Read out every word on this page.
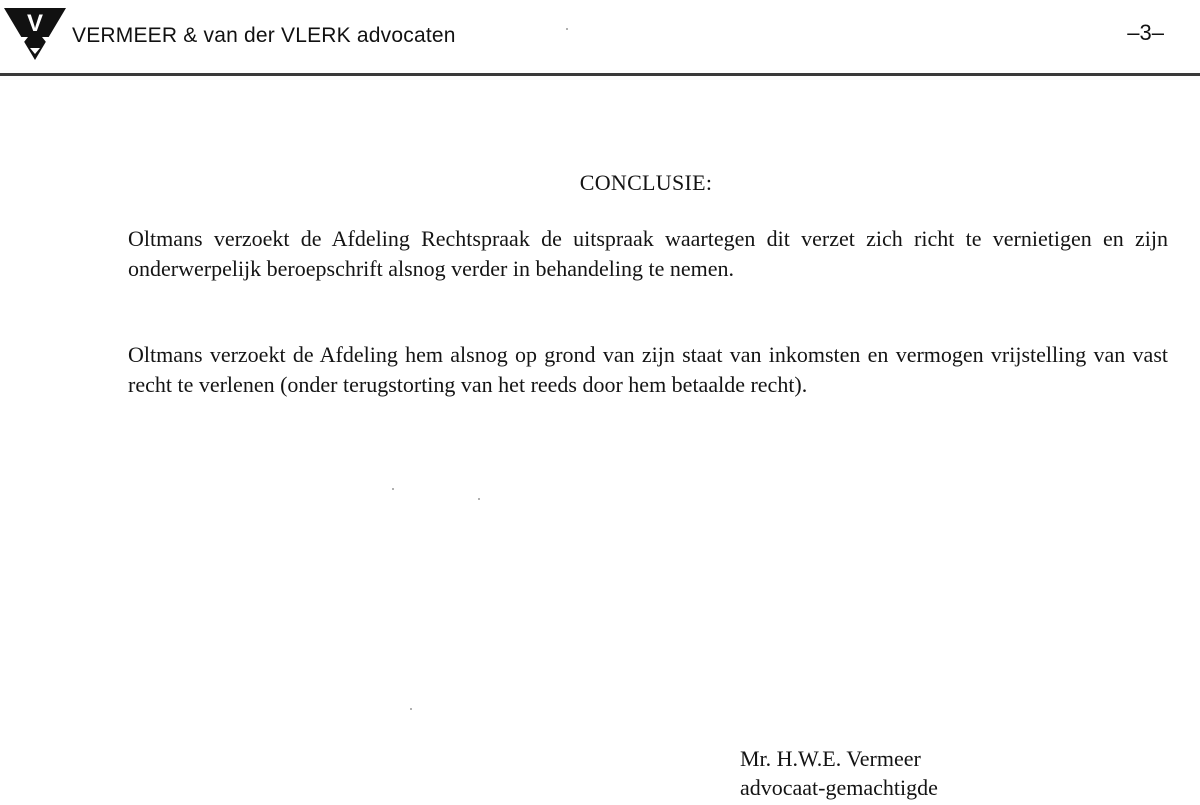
V VERMEER & van der VLERK advocaten	–3–
CONCLUSIE:
Oltmans verzoekt de Afdeling Rechtspraak de uitspraak waartegen dit verzet zich richt te vernietigen en zijn onderwerpelijk beroepschrift alsnog verder in behandeling te nemen.
Oltmans verzoekt de Afdeling hem alsnog op grond van zijn staat van inkomsten en vermogen vrijstelling van vast recht te verlenen (onder terugstorting van het reeds door hem betaalde recht).
Mr. H.W.E. Vermeer
advocaat-gemachtigde
